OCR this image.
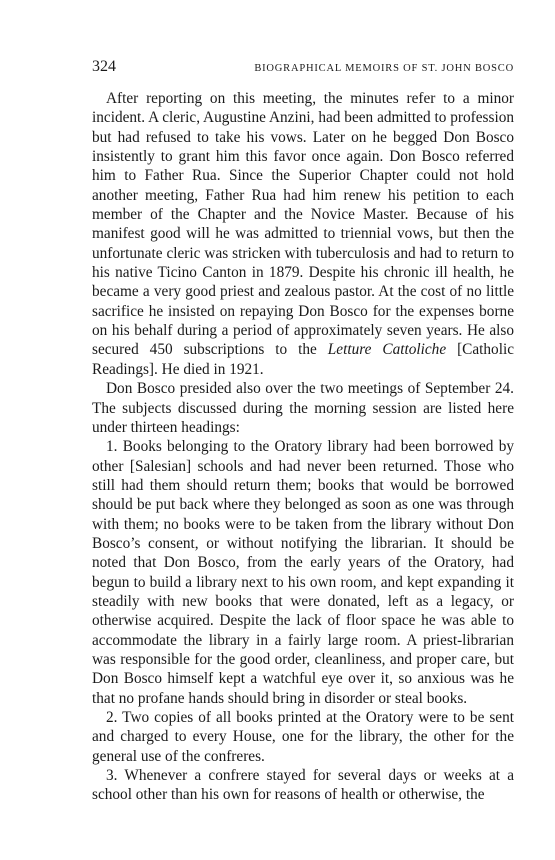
324	BIOGRAPHICAL MEMOIRS OF ST. JOHN BOSCO

After reporting on this meeting, the minutes refer to a minor incident. A cleric, Augustine Anzini, had been admitted to profession but had refused to take his vows. Later on he begged Don Bosco insistently to grant him this favor once again. Don Bosco referred him to Father Rua. Since the Superior Chapter could not hold another meeting, Father Rua had him renew his petition to each member of the Chapter and the Novice Master. Because of his manifest good will he was admitted to triennial vows, but then the unfortunate cleric was stricken with tuberculosis and had to return to his native Ticino Canton in 1879. Despite his chronic ill health, he became a very good priest and zealous pastor. At the cost of no little sacrifice he insisted on repaying Don Bosco for the expenses borne on his behalf during a period of approximately seven years. He also secured 450 subscriptions to the Letture Cattoliche [Catholic Readings]. He died in 1921.

Don Bosco presided also over the two meetings of September 24. The subjects discussed during the morning session are listed here under thirteen headings:

1. Books belonging to the Oratory library had been borrowed by other [Salesian] schools and had never been returned. Those who still had them should return them; books that would be borrowed should be put back where they belonged as soon as one was through with them; no books were to be taken from the library without Don Bosco’s consent, or without notifying the librarian. It should be noted that Don Bosco, from the early years of the Oratory, had begun to build a library next to his own room, and kept expanding it steadily with new books that were donated, left as a legacy, or otherwise acquired. Despite the lack of floor space he was able to accommodate the library in a fairly large room. A priest-librarian was responsible for the good order, cleanliness, and proper care, but Don Bosco himself kept a watchful eye over it, so anxious was he that no profane hands should bring in disorder or steal books.

2. Two copies of all books printed at the Oratory were to be sent and charged to every House, one for the library, the other for the general use of the confreres.

3. Whenever a confrere stayed for several days or weeks at a school other than his own for reasons of health or otherwise, the
